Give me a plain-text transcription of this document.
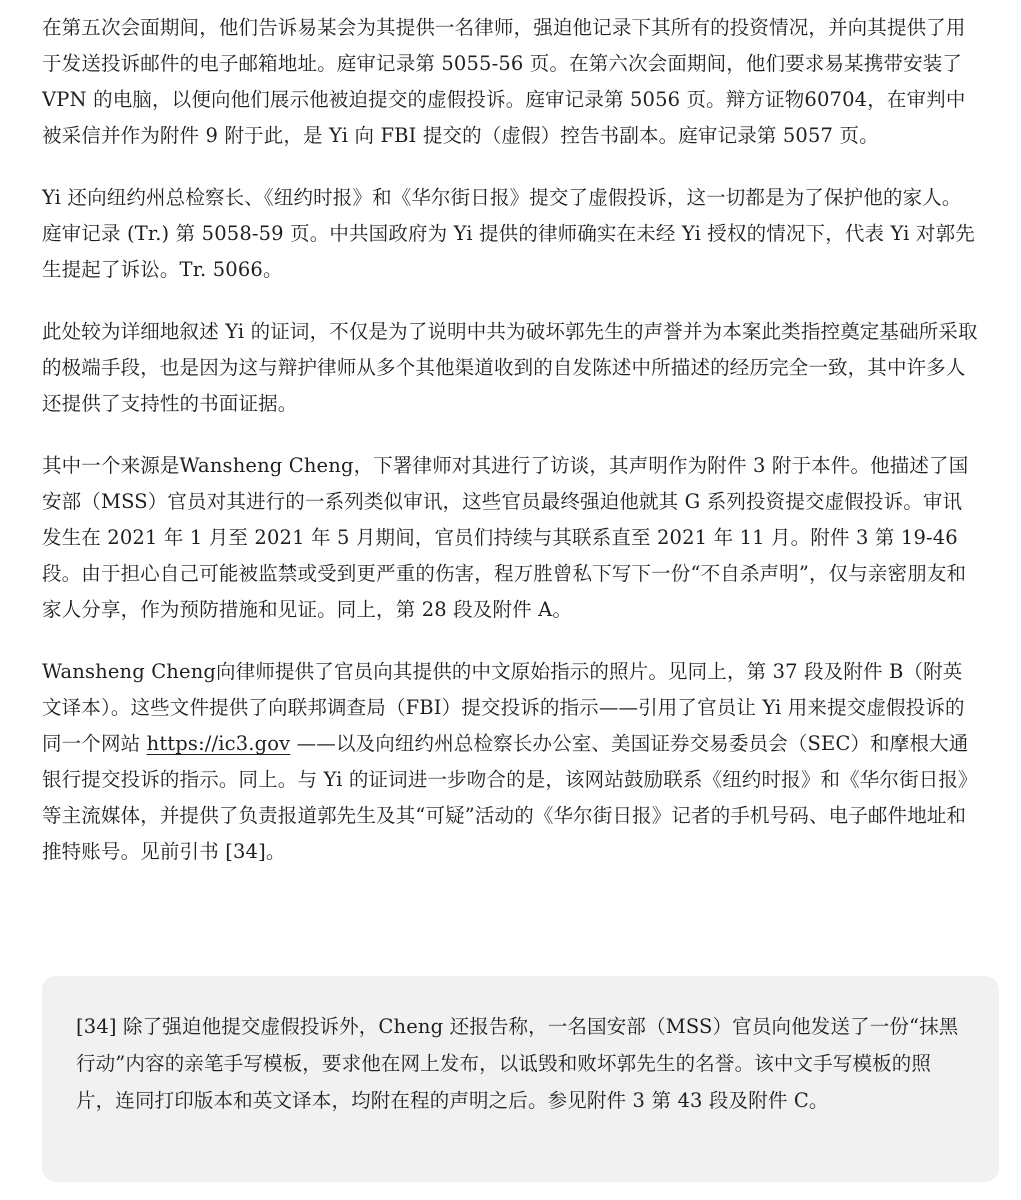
在第五次会面期间，他们告诉易某会为其提供一名律师，强迫他记录下其所有的投资情况，并向其提供了用于发送投诉邮件的电子邮箱地址。庭审记录第 5055-56 页。在第六次会面期间，他们要求易某携带安装了 VPN 的电脑，以便向他们展示他被迫提交的虚假投诉。庭审记录第 5056 页。辩方证物60704，在审判中被采信并作为附件 9 附于此，是 Yi 向 FBI 提交的（虚假）控告书副本。庭审记录第 5057 页。

Yi 还向纽约州总检察长、《纽约时报》和《华尔街日报》提交了虚假投诉，这一切都是为了保护他的家人。庭审记录 (Tr.) 第 5058-59 页。中共国政府为 Yi 提供的律师确实在未经 Yi 授权的情况下，代表 Yi 对郭先生提起了诉讼。Tr. 5066。

此处较为详细地叙述 Yi 的证词，不仅是为了说明中共为破坏郭先生的声誉并为本案此类指控奠定基础所采取的极端手段，也是因为这与辩护律师从多个其他渠道收到的自发陈述中所描述的经历完全一致，其中许多人还提供了支持性的书面证据。

其中一个来源是Wansheng Cheng，下署律师对其进行了访谈，其声明作为附件 3 附于本件。他描述了国安部（MSS）官员对其进行的一系列类似审讯，这些官员最终强迫他就其 G 系列投资提交虚假投诉。审讯发生在 2021 年 1 月至 2021 年 5 月期间，官员们持续与其联系直至 2021 年 11 月。附件 3 第 19-46 段。由于担心自己可能被监禁或受到更严重的伤害，程万胜曾私下写下一份“不自杀声明”，仅与亲密朋友和家人分享，作为预防措施和见证。同上，第 28 段及附件 A。

Wansheng Cheng向律师提供了官员向其提供的中文原始指示的照片。见同上，第 37 段及附件 B（附英文译本）。这些文件提供了向联邦调查局（FBI）提交投诉的指示——引用了官员让 Yi 用来提交虚假投诉的同一个网站 https://ic3.gov ——以及向纽约州总检察长办公室、美国证券交易委员会（SEC）和摩根大通银行提交投诉的指示。同上。与 Yi 的证词进一步吻合的是，该网站鼓励联系《纽约时报》和《华尔街日报》等主流媒体，并提供了负责报道郭先生及其“可疑”活动的《华尔街日报》记者的手机号码、电子邮件地址和推特账号。见前引书 [34]。

[34] 除了强迫他提交虚假投诉外，Cheng 还报告称，一名国安部（MSS）官员向他发送了一份“抹黑行动”内容的亲笔手写模板，要求他在网上发布，以诋毁和败坏郭先生的名誉。该中文手写模板的照片，连同打印版本和英文译本，均附在程的声明之后。参见附件 3 第 43 段及附件 C。
